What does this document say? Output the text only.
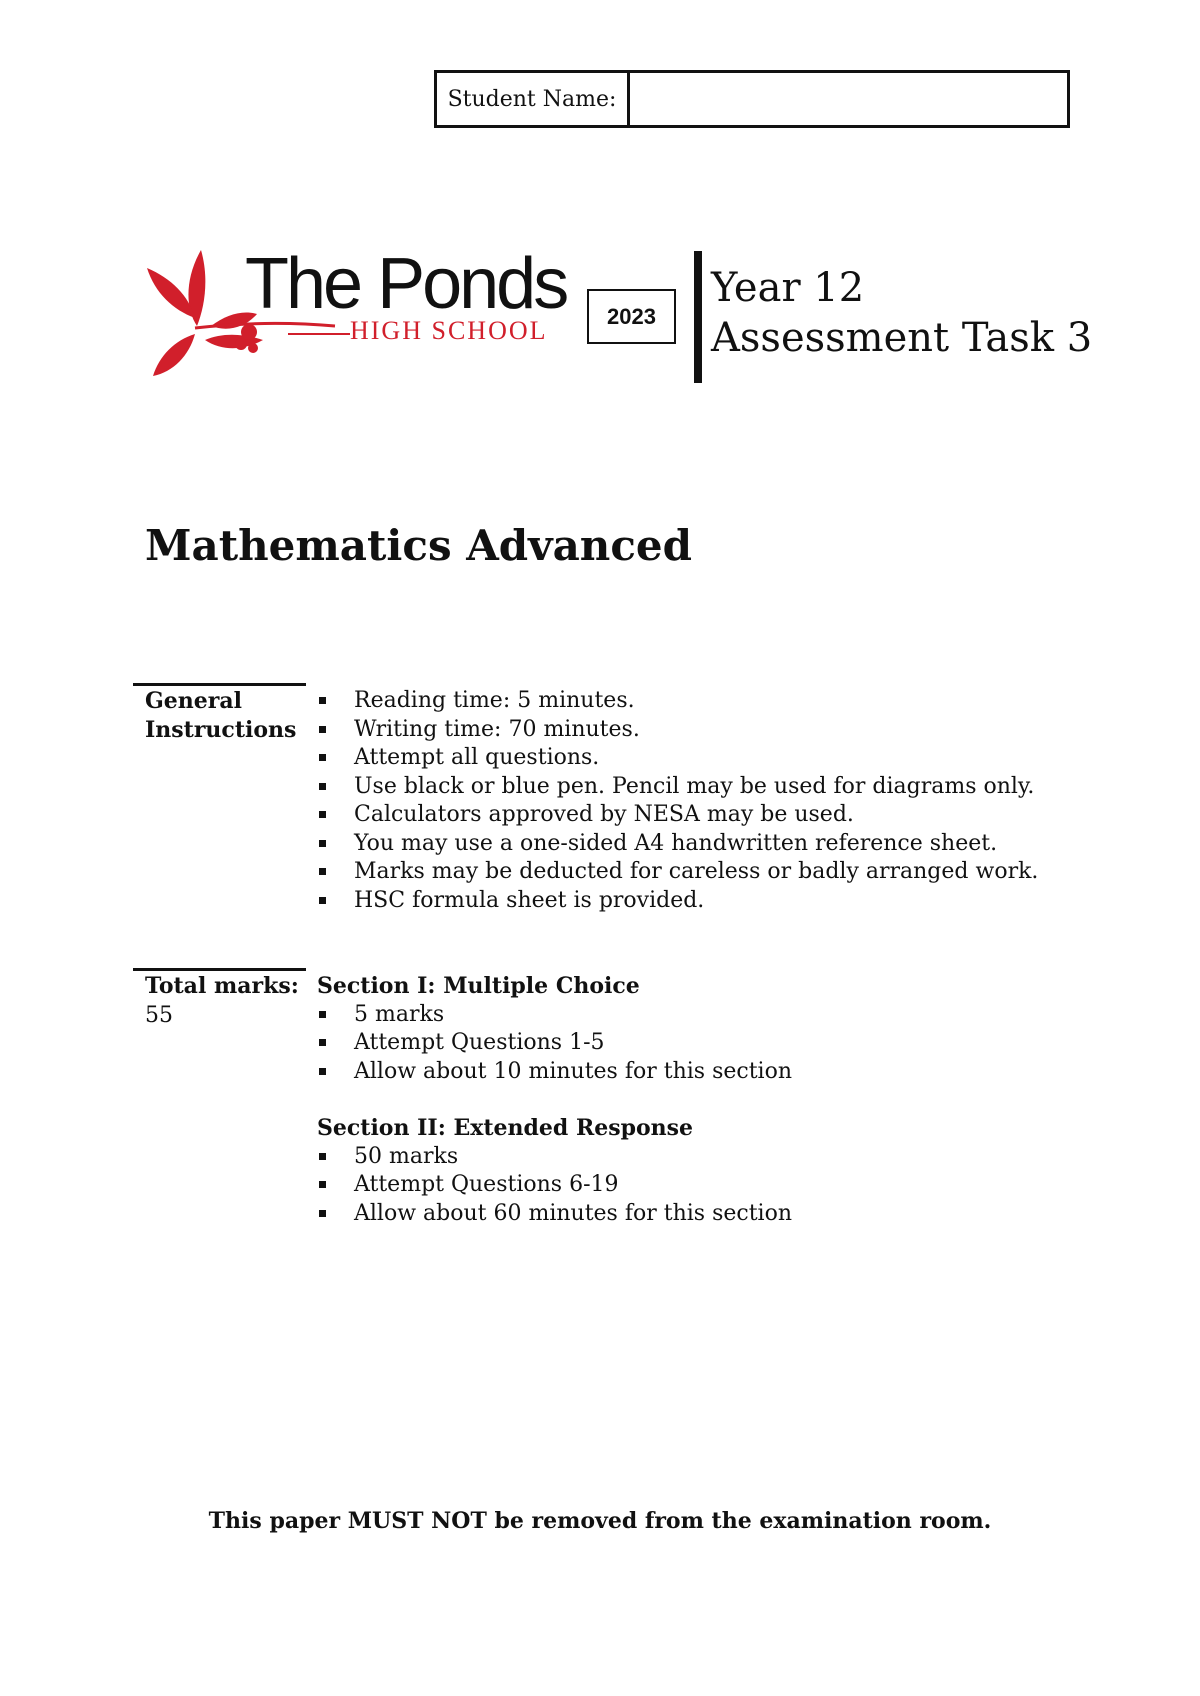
Student Name:
The Ponds
HIGH SCHOOL	2023
Year 12
Assessment Task 3
Mathematics Advanced
General
Instructions
Reading time: 5 minutes.
Writing time: 70 minutes.
Attempt all questions.
Use black or blue pen. Pencil may be used for diagrams only.
Calculators approved by NESA may be used.
You may use a one-sided A4 handwritten reference sheet.
Marks may be deducted for careless or badly arranged work.
HSC formula sheet is provided.
Total marks:
55
Section I: Multiple Choice
5 marks
Attempt Questions 1-5
Allow about 10 minutes for this section
Section II: Extended Response
50 marks
Attempt Questions 6-19
Allow about 60 minutes for this section
This paper MUST NOT be removed from the examination room.
